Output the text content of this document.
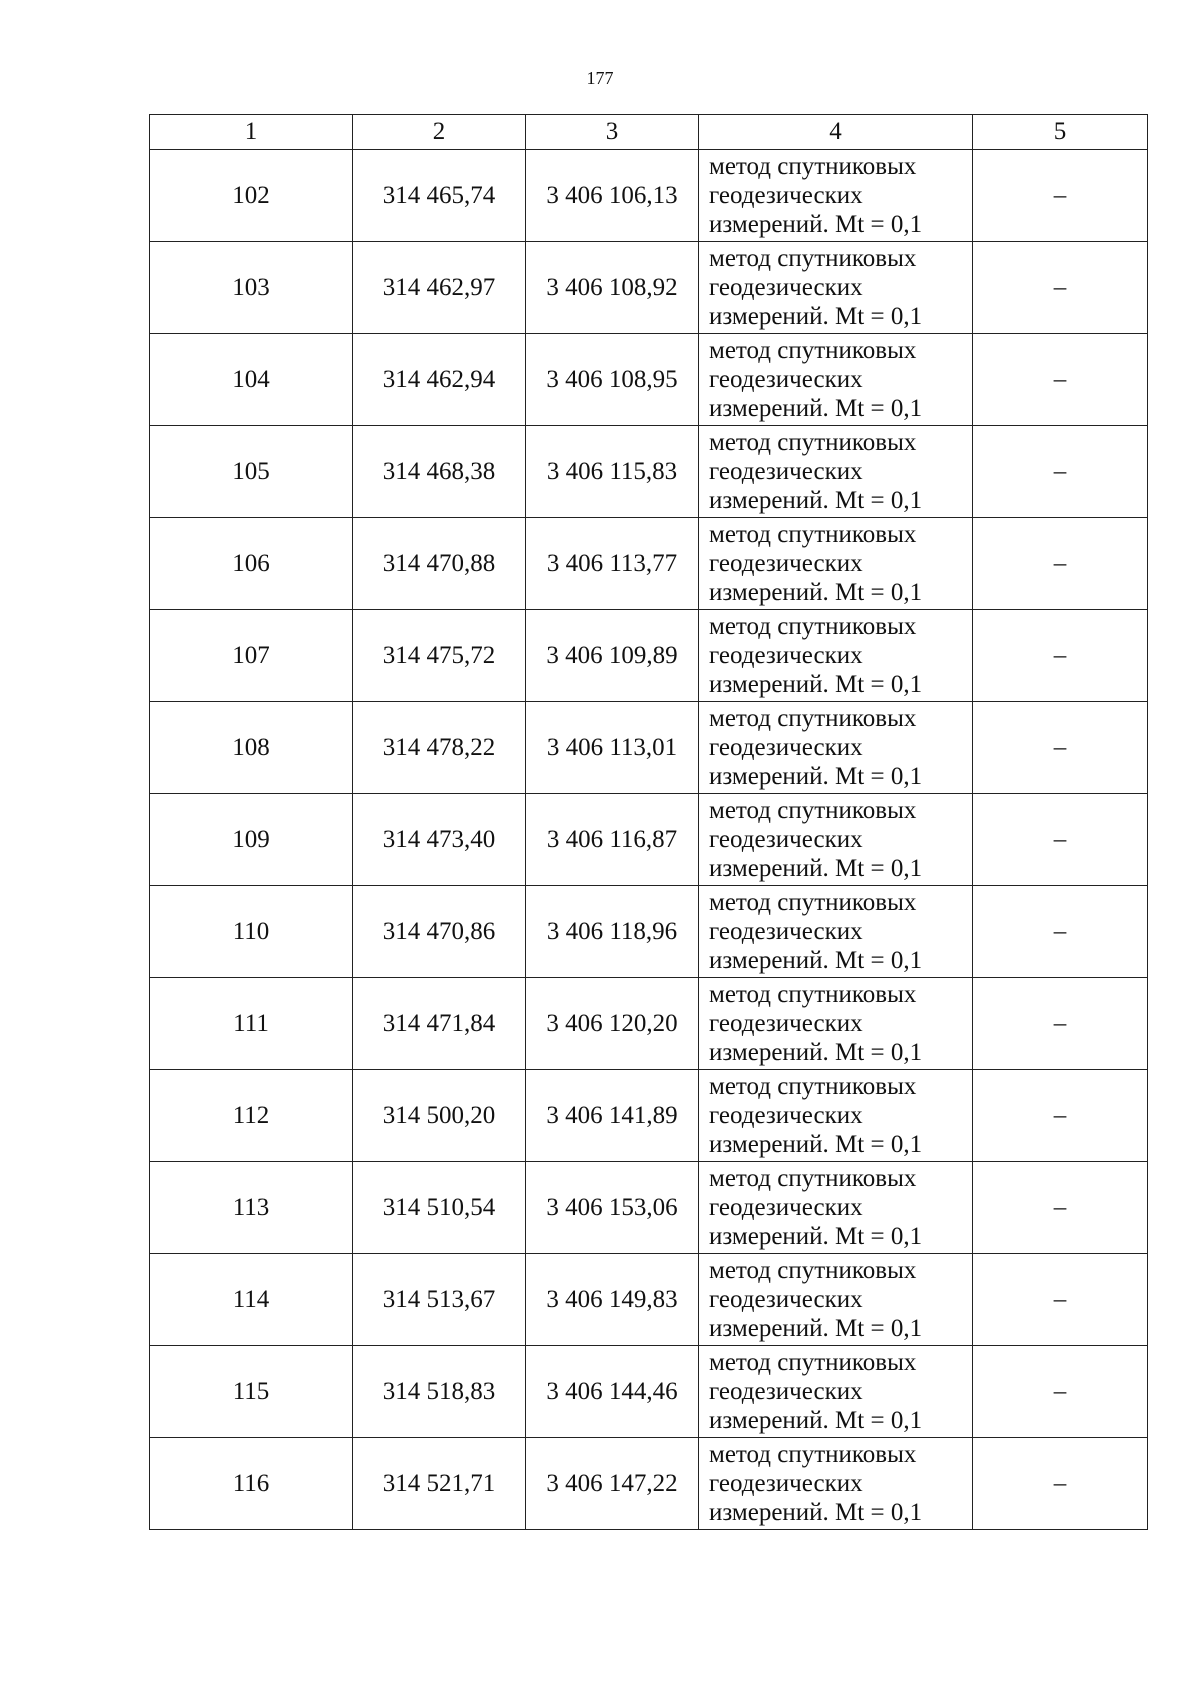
177
1	2	3	4	5
102	314 465,74	3 406 106,13	метод спутниковых
геодезических
измерений. Mt = 0,1	–
103	314 462,97	3 406 108,92	метод спутниковых
геодезических
измерений. Mt = 0,1	–
104	314 462,94	3 406 108,95	метод спутниковых
геодезических
измерений. Mt = 0,1	–
105	314 468,38	3 406 115,83	метод спутниковых
геодезических
измерений. Mt = 0,1	–
106	314 470,88	3 406 113,77	метод спутниковых
геодезических
измерений. Mt = 0,1	–
107	314 475,72	3 406 109,89	метод спутниковых
геодезических
измерений. Mt = 0,1	–
108	314 478,22	3 406 113,01	метод спутниковых
геодезических
измерений. Mt = 0,1	–
109	314 473,40	3 406 116,87	метод спутниковых
геодезических
измерений. Mt = 0,1	–
110	314 470,86	3 406 118,96	метод спутниковых
геодезических
измерений. Mt = 0,1	–
111	314 471,84	3 406 120,20	метод спутниковых
геодезических
измерений. Mt = 0,1	–
112	314 500,20	3 406 141,89	метод спутниковых
геодезических
измерений. Mt = 0,1	–
113	314 510,54	3 406 153,06	метод спутниковых
геодезических
измерений. Mt = 0,1	–
114	314 513,67	3 406 149,83	метод спутниковых
геодезических
измерений. Mt = 0,1	–
115	314 518,83	3 406 144,46	метод спутниковых
геодезических
измерений. Mt = 0,1	–
116	314 521,71	3 406 147,22	метод спутниковых
геодезических
измерений. Mt = 0,1	–
